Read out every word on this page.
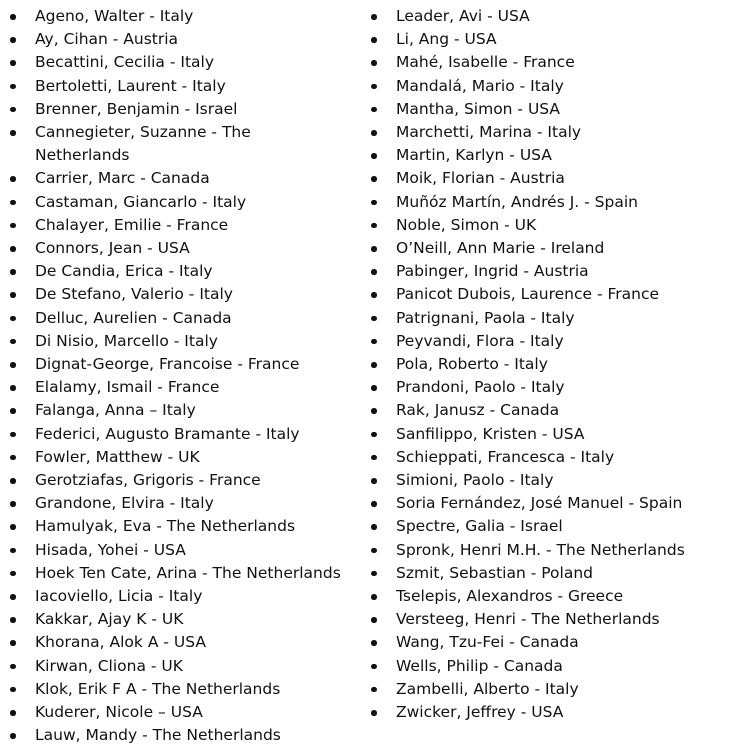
Ageno, Walter - Italy
Ay, Cihan - Austria
Becattini, Cecilia - Italy
Bertoletti, Laurent - Italy
Brenner, Benjamin - Israel
Cannegieter, Suzanne - The Netherlands
Carrier, Marc - Canada
Castaman, Giancarlo - Italy
Chalayer, Emilie - France
Connors, Jean - USA
De Candia, Erica - Italy
De Stefano, Valerio - Italy
Delluc, Aurelien - Canada
Di Nisio, Marcello - Italy
Dignat-George, Francoise - France
Elalamy, Ismail - France
Falanga, Anna – Italy
Federici, Augusto Bramante - Italy
Fowler, Matthew - UK
Gerotziafas, Grigoris - France
Grandone, Elvira - Italy
Hamulyak, Eva - The Netherlands
Hisada, Yohei - USA
Hoek Ten Cate, Arina - The Netherlands
Iacoviello, Licia - Italy
Kakkar, Ajay K - UK
Khorana, Alok A - USA
Kirwan, Cliona - UK
Klok, Erik F A - The Netherlands
Kuderer, Nicole – USA
Lauw, Mandy - The Netherlands
Leader, Avi - USA
Li, Ang - USA
Mahé, Isabelle - France
Mandalá, Mario - Italy
Mantha, Simon - USA
Marchetti, Marina - Italy
Martin, Karlyn - USA
Moik, Florian - Austria
Muñóz Martín, Andrés J. - Spain
Noble, Simon - UK
O’Neill, Ann Marie - Ireland
Pabinger, Ingrid - Austria
Panicot Dubois, Laurence - France
Patrignani, Paola - Italy
Peyvandi, Flora - Italy
Pola, Roberto - Italy
Prandoni, Paolo - Italy
Rak, Janusz - Canada
Sanfilippo, Kristen - USA
Schieppati, Francesca - Italy
Simioni, Paolo - Italy
Soria Fernández, José Manuel - Spain
Spectre, Galia - Israel
Spronk, Henri M.H. - The Netherlands
Szmit, Sebastian - Poland
Tselepis, Alexandros - Greece
Versteeg, Henri - The Netherlands
Wang, Tzu-Fei - Canada
Wells, Philip - Canada
Zambelli, Alberto - Italy
Zwicker, Jeffrey - USA
